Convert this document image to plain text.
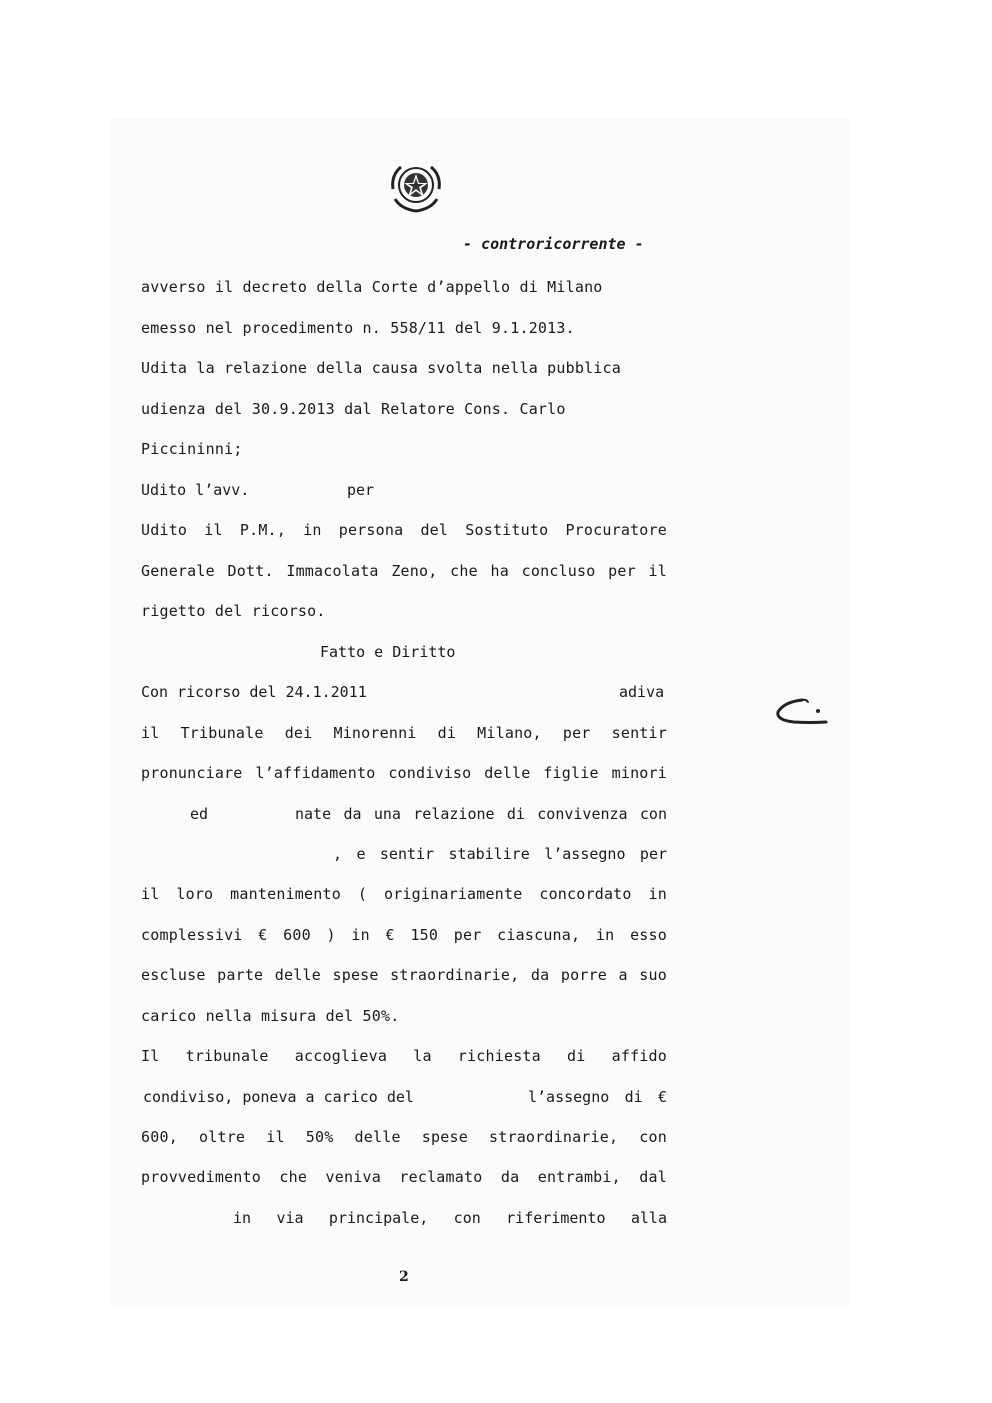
- controricorrente -
avverso il decreto della Corte d’appello di Milano
emesso nel procedimento n. 558/11 del 9.1.2013.
Udita la relazione della causa svolta nella pubblica
udienza del 30.9.2013 dal Relatore Cons. Carlo
Piccininni;
Udito l’avv.	per
Udito il P.M., in persona del Sostituto Procuratore
Generale Dott. Immacolata Zeno, che ha concluso per il
rigetto del ricorso.
Fatto e Diritto
Con ricorso del 24.1.2011	adiva
il Tribunale dei Minorenni di Milano, per sentir
pronunciare l’affidamento condiviso delle figlie minori
ed	nate da una relazione di convivenza con
, e sentir stabilire l’assegno per
il loro mantenimento ( originariamente concordato in
complessivi € 600 ) in € 150 per ciascuna, in esso
escluse parte delle spese straordinarie, da porre a suo
carico nella misura del 50%.
Il tribunale accoglieva la richiesta di affido
condiviso, poneva a carico del	l’assegno di €
600, oltre il 50% delle spese straordinarie, con
provvedimento che veniva reclamato da entrambi, dal
in via principale, con riferimento alla
2
